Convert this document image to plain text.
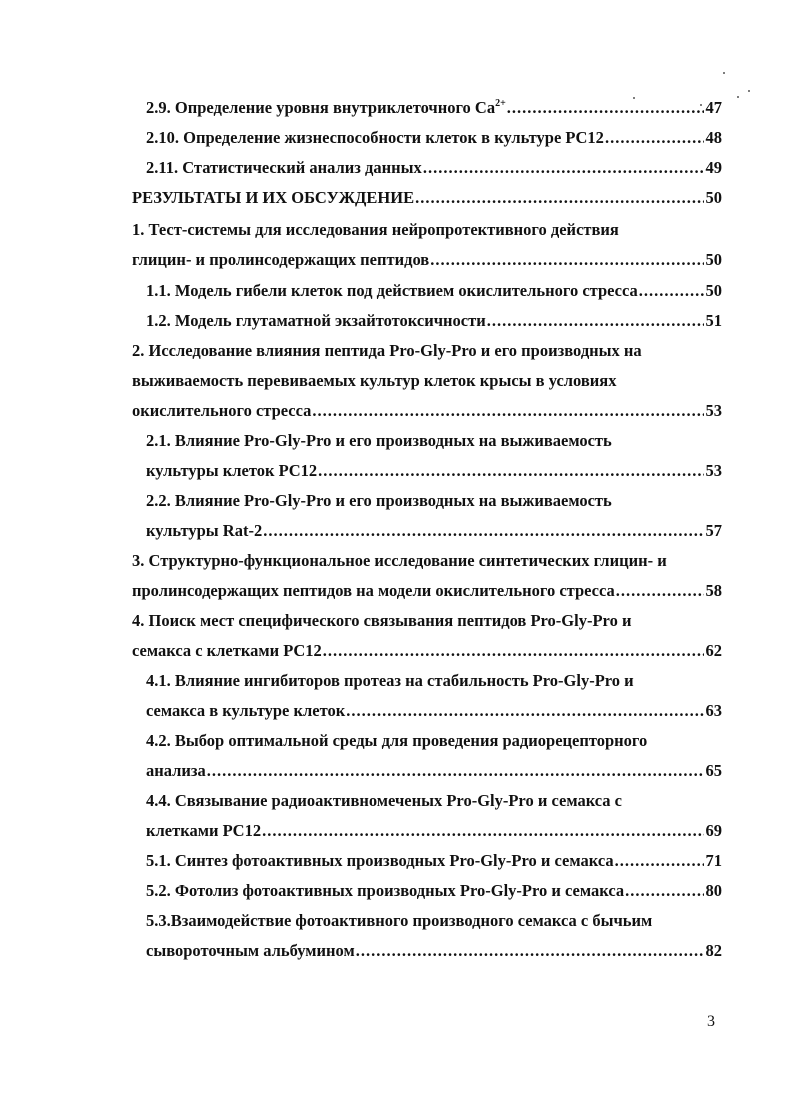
2.9. Определение уровня внутриклеточного $Ca^{2+}$ .....	47
2.10. Определение жизнеспособности клеток в культуре PC12 .....	48
2.11. Статистический анализ данных .....	49
РЕЗУЛЬТАТЫ И ИХ ОБСУЖДЕНИЕ .....	50
1. Тест-системы для исследования нейропротективного действия
глицин- и пролинсодержащих пептидов .....	50
1.1. Модель гибели клеток под действием окислительного стресса .....	50
1.2. Модель глутаматной экзайтотоксичности .....	51
2. Исследование влияния пептида Pro-Gly-Pro и его производных на
выживаемость перевиваемых культур клеток крысы в условиях
окислительного стресса .....	53
2.1. Влияние Pro-Gly-Pro и его производных на выживаемость
культуры клеток PC12 .....	53
2.2. Влияние Pro-Gly-Pro и его производных на выживаемость
культуры Rat-2 .....	57
3. Структурно-функциональное исследование синтетических глицин- и
пролинсодержащих пептидов на модели окислительного стресса .....	58
4. Поиск мест специфического связывания пептидов Pro-Gly-Pro и
семакса с клетками PC12 .....	62
4.1. Влияние ингибиторов протеаз на стабильность Pro-Gly-Pro и
семакса в культуре клеток .....	63
4.2. Выбор оптимальной среды для проведения радиорецепторного
анализа .....	65
4.4. Связывание радиоактивномеченых Pro-Gly-Pro и семакса с
клетками PC12 .....	69
5.1. Синтез фотоактивных производных Pro-Gly-Pro и семакса .....	71
5.2. Фотолиз фотоактивных производных Pro-Gly-Pro и семакса .....	80
5.3.Взаимодействие фотоактивного производного семакса с бычьим
сывороточным альбумином .....	82
3
